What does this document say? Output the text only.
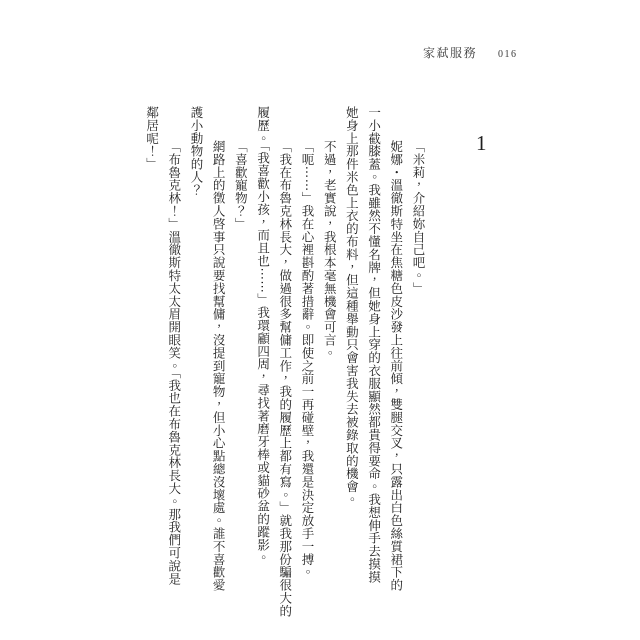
家弒服務 016
1
「米莉，介紹妳自己吧。」
妮娜・溫徹斯特坐在焦糖色皮沙發上往前傾，雙腿交叉，只露出白色絲質裙下的
一小截膝蓋。我雖然不懂名牌，但她身上穿的衣服顯然都貴得要命。我想伸手去摸摸
她身上那件米色上衣的布料，但這種舉動只會害我失去被錄取的機會。
不過，老實說，我根本毫無機會可言。
「呃⋯⋯」我在心裡斟酌著措辭。即使之前一再碰壁，我還是決定放手一搏。
「我在布魯克林長大，做過很多幫傭工作，我的履歷上都有寫。」就我那份騙很大的
履歷。「我喜歡小孩，而且也⋯⋯」我環顧四周，尋找著磨牙棒或貓砂盆的蹤影。
「喜歡寵物？」
網路上的徵人啓事只說要找幫傭，沒提到寵物，但小心點總沒壞處。誰不喜歡愛
護小動物的人？
「布魯克林！」溫徹斯特太太眉開眼笑。「我也在布魯克林長大。那我們可說是
鄰居呢！」
